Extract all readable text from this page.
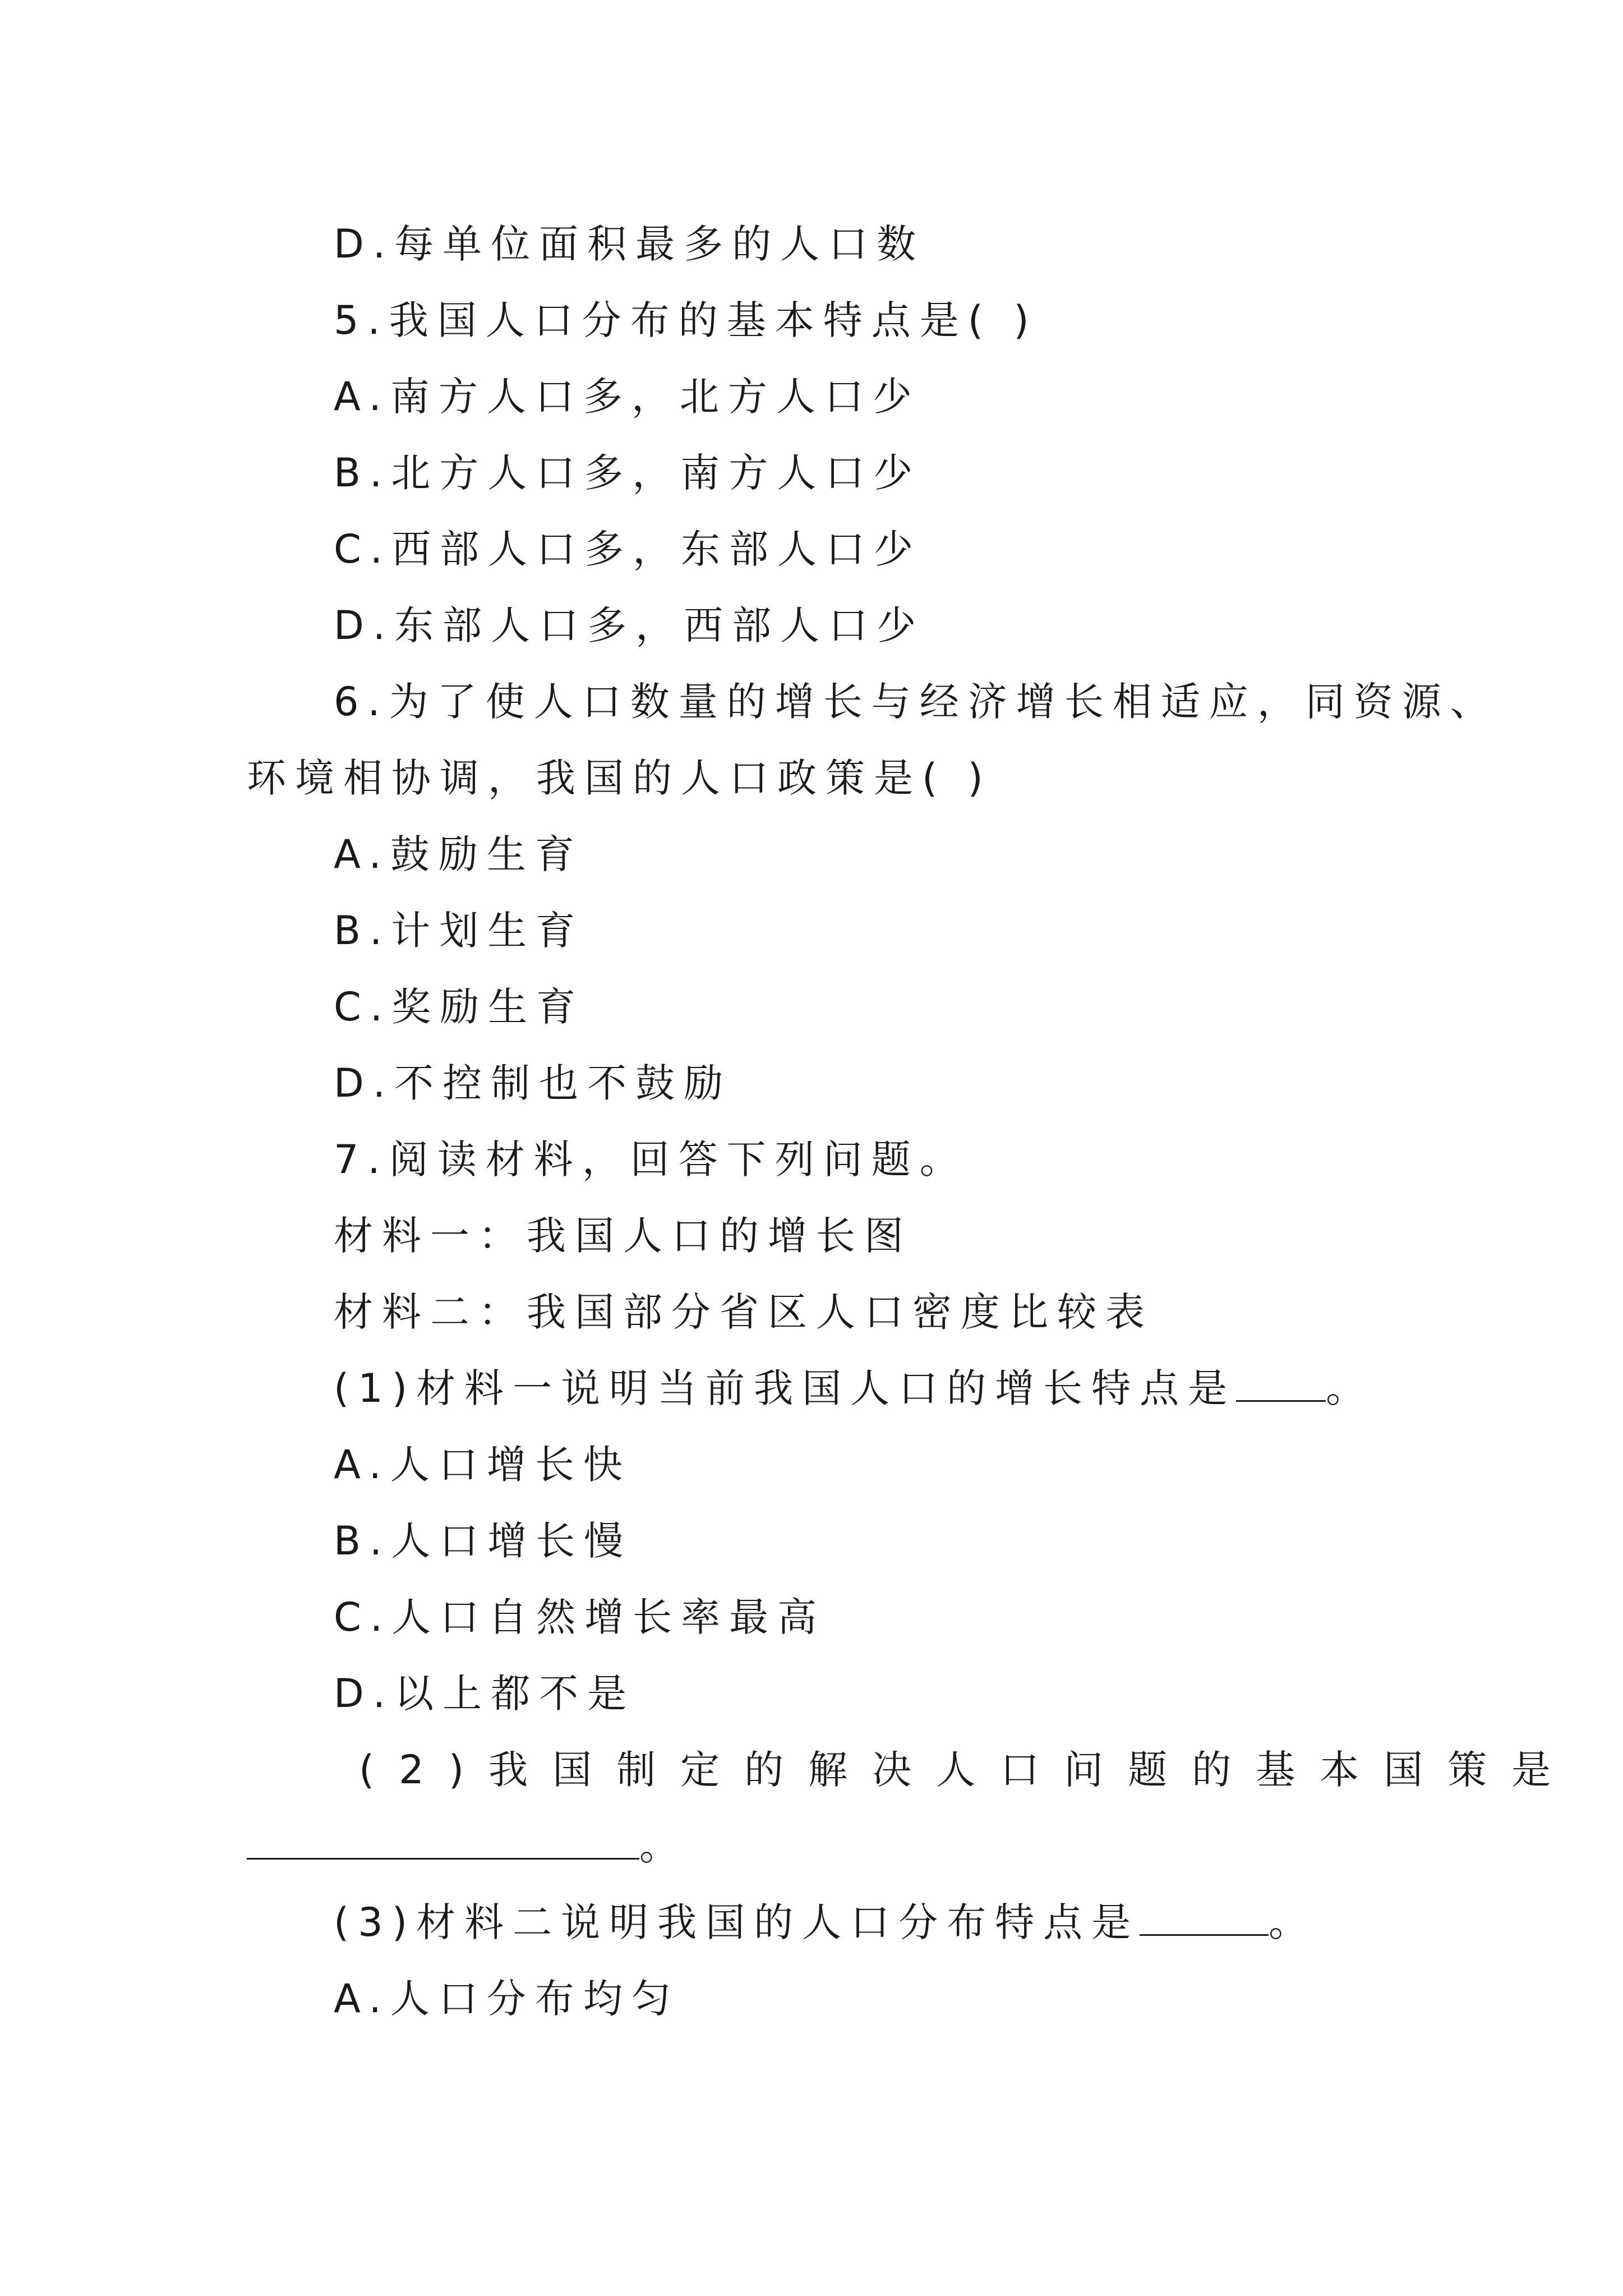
D.每单位面积最多的人口数
5.我国人口分布的基本特点是( )
A.南方人口多，北方人口少
B.北方人口多，南方人口少
C.西部人口多，东部人口少
D.东部人口多，西部人口少
6.为了使人口数量的增长与经济增长相适应，同资源、
环境相协调，我国的人口政策是( )
A.鼓励生育
B.计划生育
C.奖励生育
D.不控制也不鼓励
7.阅读材料，回答下列问题。
材料一：我国人口的增长图
材料二：我国部分省区人口密度比较表
(1)材料一说明当前我国人口的增长特点是 。
A.人口增长快
B.人口增长慢
C.人口自然增长率最高
D.以上都不是
(2)我国制定的解决人口问题的基本国策是
。
(3)材料二说明我国的人口分布特点是	。
A.人口分布均匀
